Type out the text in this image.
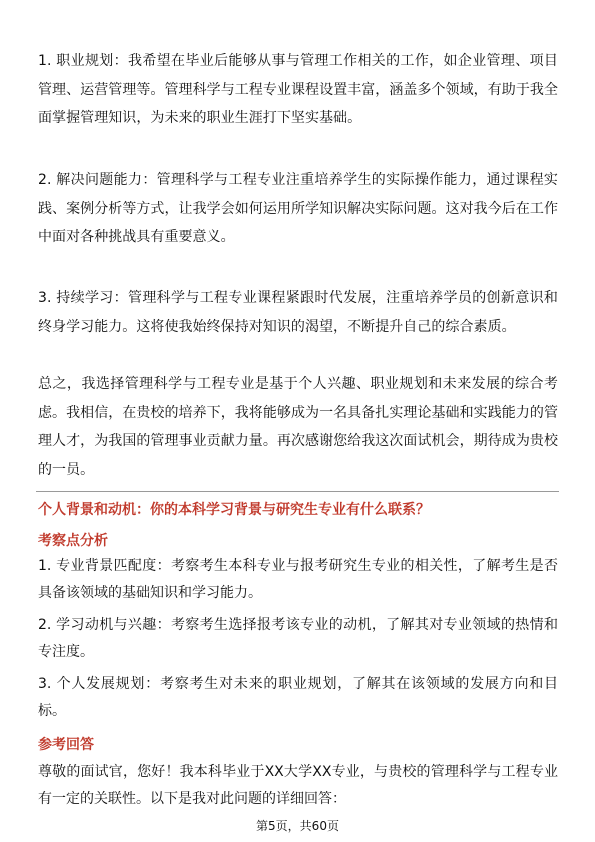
1. 职业规划：我希望在毕业后能够从事与管理工作相关的工作，如企业管理、项目管理、运营管理等。管理科学与工程专业课程设置丰富，涵盖多个领域，有助于我全面掌握管理知识，为未来的职业生涯打下坚实基础。

2. 解决问题能力：管理科学与工程专业注重培养学生的实际操作能力，通过课程实践、案例分析等方式，让我学会如何运用所学知识解决实际问题。这对我今后在工作中面对各种挑战具有重要意义。

3. 持续学习：管理科学与工程专业课程紧跟时代发展，注重培养学员的创新意识和终身学习能力。这将使我始终保持对知识的渴望，不断提升自己的综合素质。

总之，我选择管理科学与工程专业是基于个人兴趣、职业规划和未来发展的综合考虑。我相信，在贵校的培养下，我将能够成为一名具备扎实理论基础和实践能力的管理人才，为我国的管理事业贡献力量。再次感谢您给我这次面试机会，期待成为贵校的一员。

个人背景和动机：你的本科学习背景与研究生专业有什么联系？

考察点分析

1. 专业背景匹配度：考察考生本科专业与报考研究生专业的相关性，了解考生是否具备该领域的基础知识和学习能力。

2. 学习动机与兴趣：考察考生选择报考该专业的动机，了解其对专业领域的热情和专注度。

3. 个人发展规划：考察考生对未来的职业规划，了解其在该领域的发展方向和目标。

参考回答

尊敬的面试官，您好！我本科毕业于XX大学XX专业，与贵校的管理科学与工程专业有一定的关联性。以下是我对此问题的详细回答：

第5页，共60页
